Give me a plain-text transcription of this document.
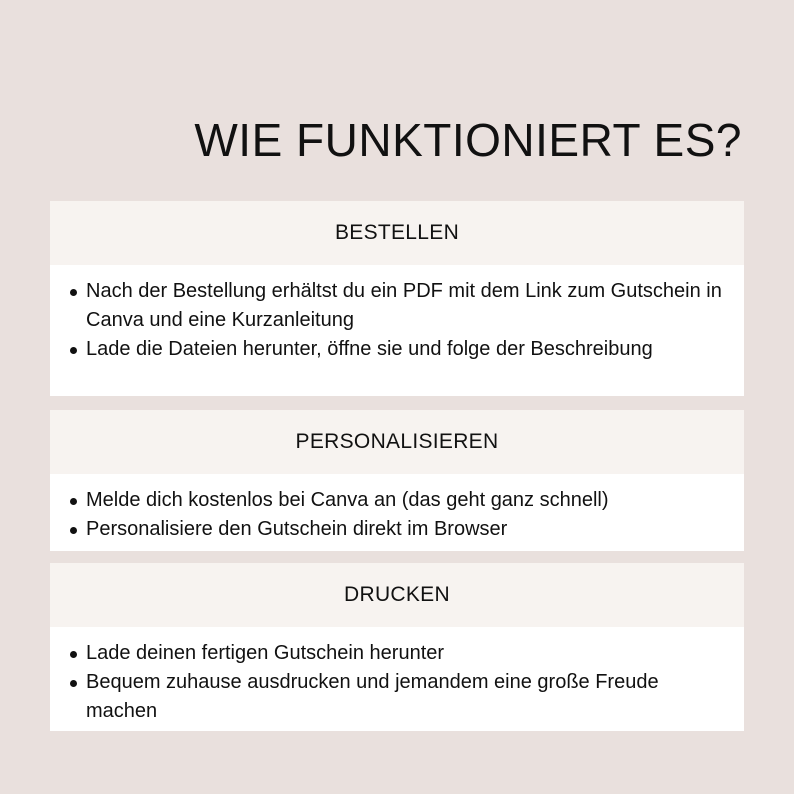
WIE FUNKTIONIERT ES?
BESTELLEN
Nach der Bestellung erhältst du ein PDF mit dem Link zum Gutschein in Canva und eine Kurzanleitung
Lade die Dateien herunter, öffne sie und folge der Beschreibung
PERSONALISIEREN
Melde dich kostenlos bei Canva an (das geht ganz schnell)
Personalisiere den Gutschein direkt im Browser
DRUCKEN
Lade deinen fertigen Gutschein herunter
Bequem zuhause ausdrucken und jemandem eine große Freude machen
